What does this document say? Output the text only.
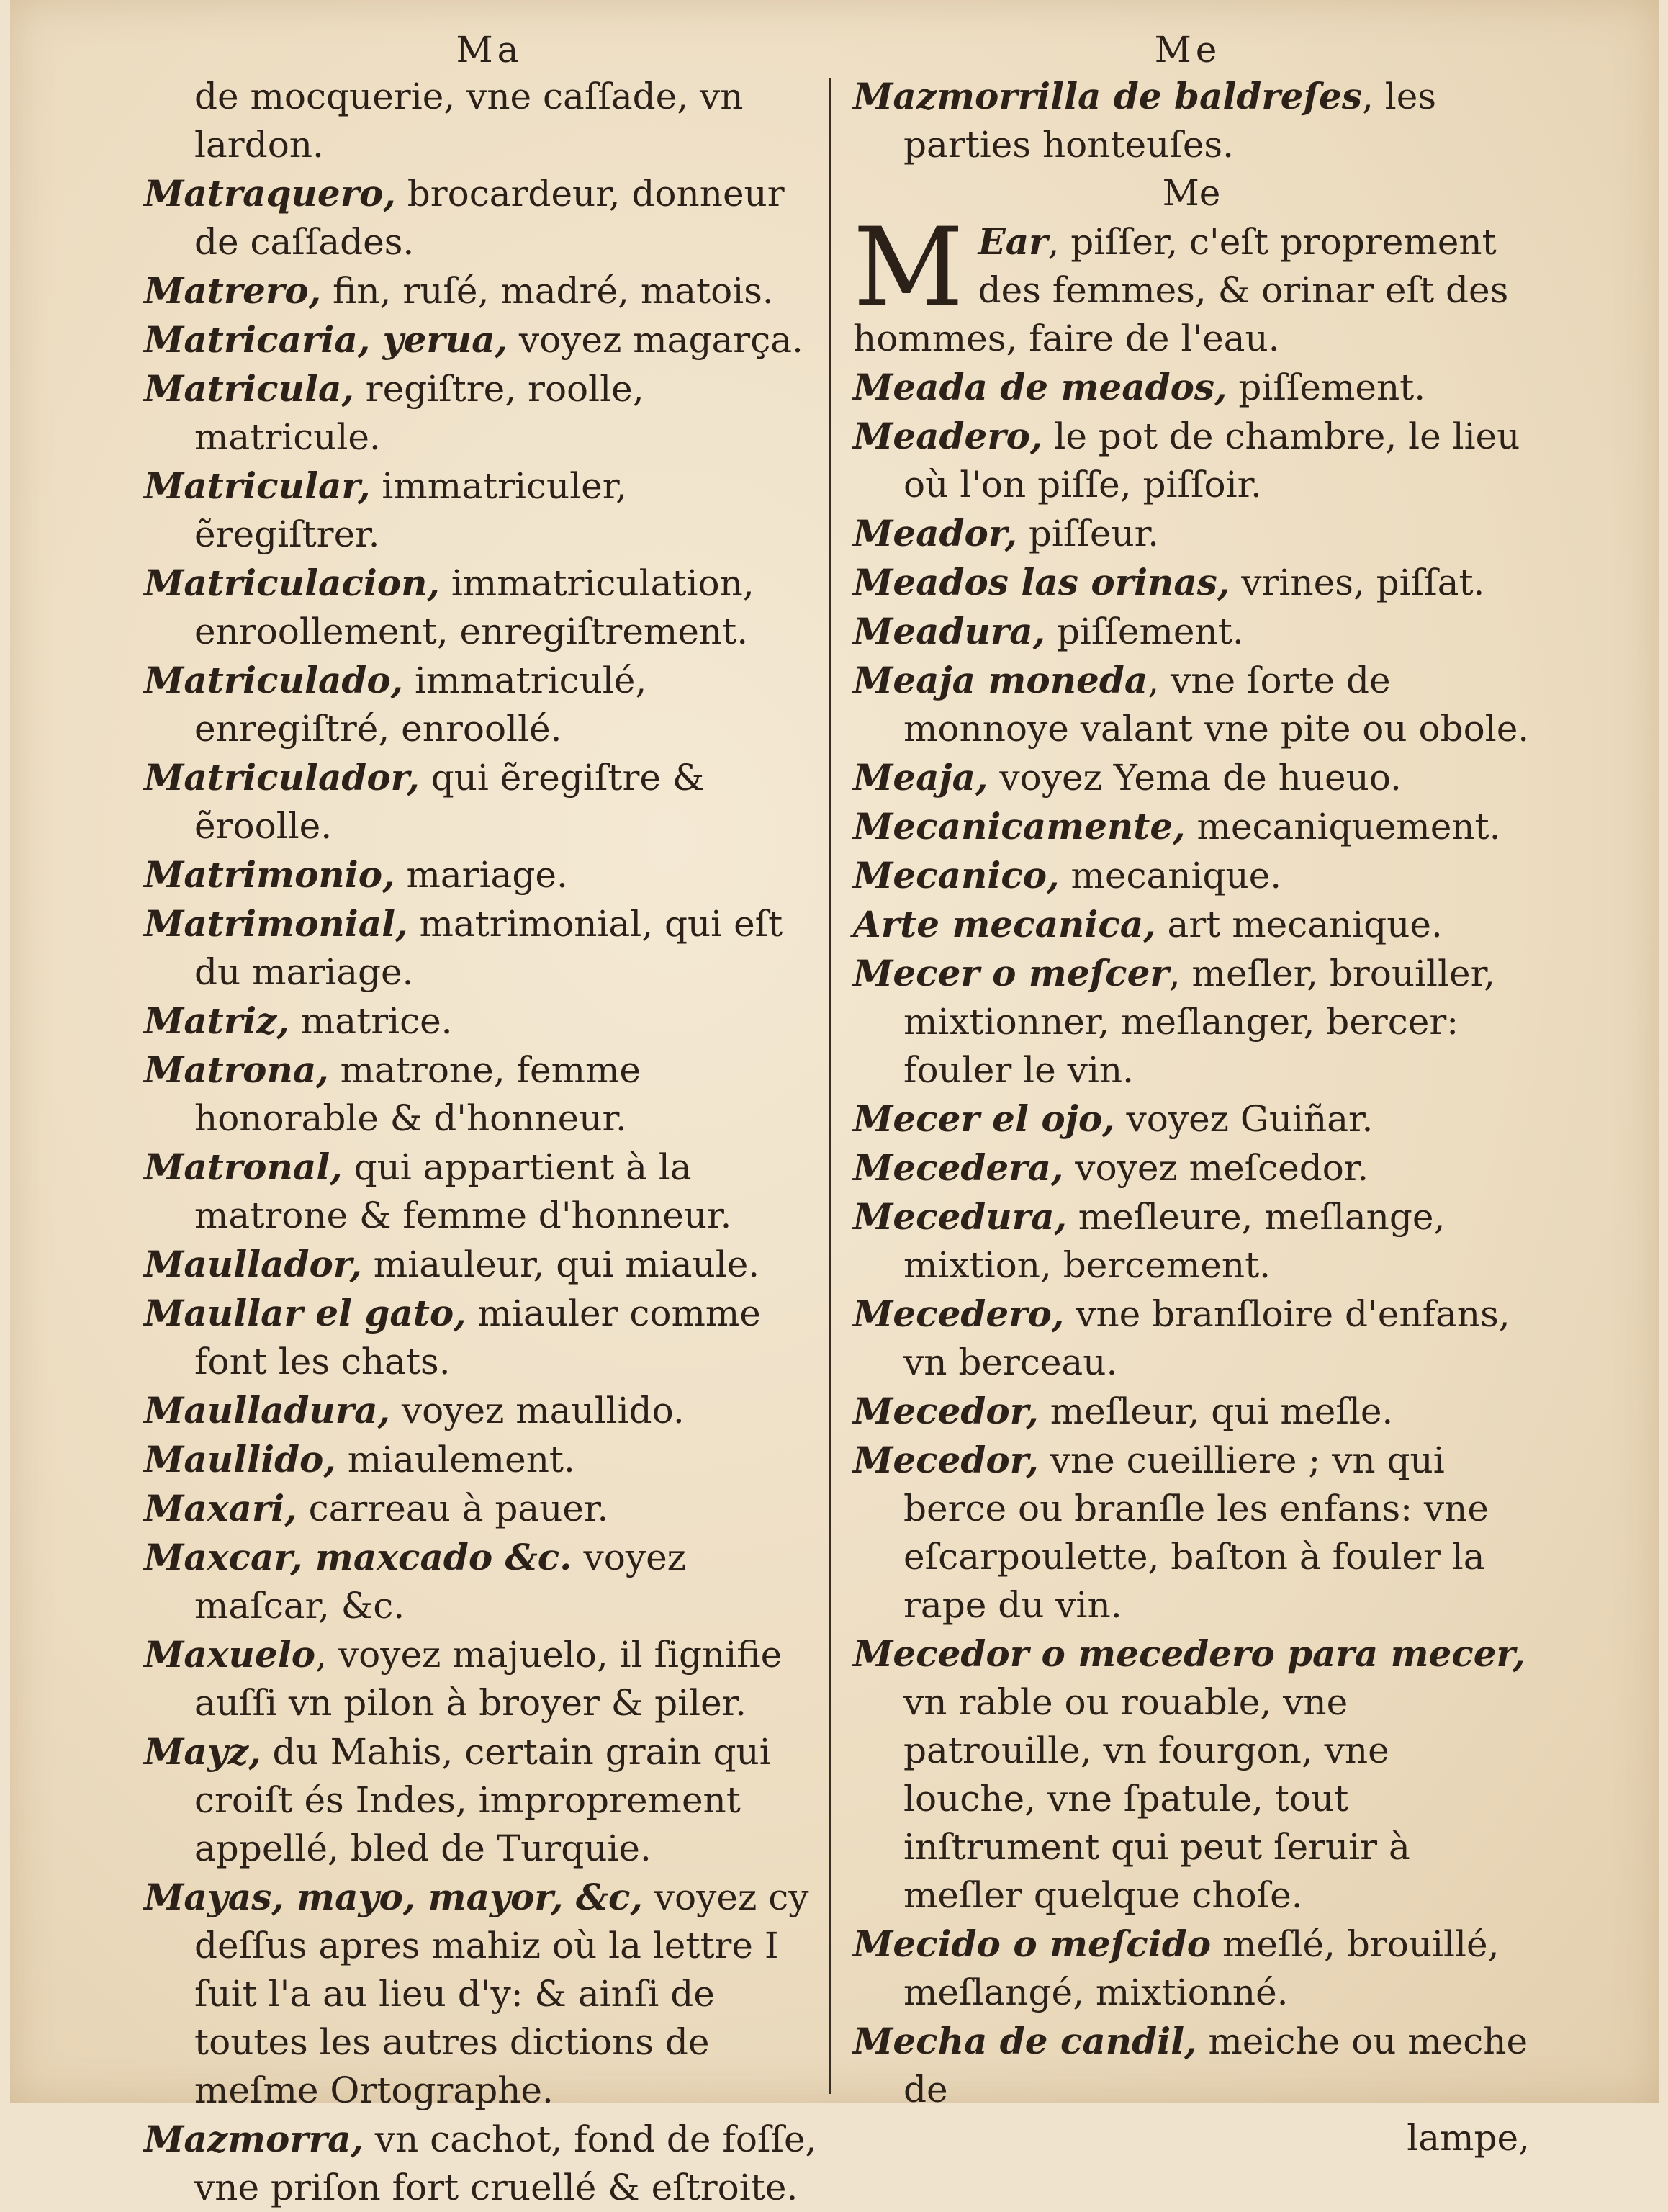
Ma	Me
de mocquerie, vne caſſade, vn lardon.
Matraquero, brocardeur, donneur de caſſades.
Matrero, fin, ruſé, madré, matois.
Matricaria, yerua, voyez magarça.
Matricula, regiſtre, roolle, matricule.
Matricular, immatriculer, ẽregiſtrer.
Matriculacion, immatriculation, enroollement, enregiſtrement.
Matriculado, immatriculé, enregiſtré, enroollé.
Matriculador, qui ẽregiſtre & ẽroolle.
Matrimonio, mariage.
Matrimonial, matrimonial, qui eſt du mariage.
Matriz, matrice.
Matrona, matrone, femme honorable & d'honneur.
Matronal, qui appartient à la matrone & femme d'honneur.
Maullador, miauleur, qui miaule.
Maullar el gato, miauler comme font les chats.
Maulladura, voyez maullido.
Maullido, miaulement.
Maxari, carreau à pauer.
Maxcar, maxcado &c. voyez maſcar, &c.
Maxuelo, voyez majuelo, il ſignifie auſſi vn pilon à broyer & piler.
Mayz, du Mahis, certain grain qui croiſt és Indes, improprement appellé, bled de Turquie.
Mayas, mayo, mayor, &c, voyez cy deſſus apres mahiz où la lettre I ſuit l'a au lieu d'y: & ainſi de toutes les autres dictions de meſme Ortographe.
Mazmorra, vn cachot, fond de foſſe, vne priſon fort cruellé & eſtroite.
Mazmorrilla de baldreſes, les parties honteuſes.
Me
M Ear, piſſer, c'eſt proprement des femmes, & orinar eſt des hommes, faire de l'eau.
Meada de meados, piſſement.
Meadero, le pot de chambre, le lieu où l'on piſſe, piſſoir.
Meador, piſſeur.
Meados las orinas, vrines, piſſat.
Meadura, piſſement.
Meaja moneda, vne ſorte de monnoye valant vne pite ou obole.
Meaja, voyez Yema de hueuo.
Mecanicamente, mecaniquement.
Mecanico, mecanique.
Arte mecanica, art mecanique.
Mecer o meſcer, meſler, brouiller, mixtionner, meſlanger, bercer: fouler le vin.
Mecer el ojo, voyez Guiñar.
Mecedera, voyez meſcedor.
Mecedura, meſleure, meſlange, mixtion, bercement.
Mecedero, vne branſloire d'enfans, vn berceau.
Mecedor, meſleur, qui meſle.
Mecedor, vne cueilliere ; vn qui berce ou branſle les enfans: vne eſcarpoulette, baſton à fouler la rape du vin.
Mecedor o mecedero para mecer, vn rable ou rouable, vne patrouille, vn fourgon, vne louche, vne ſpatule, tout inſtrument qui peut ſeruir à meſler quelque choſe.
Mecido o meſcido meſlé, brouillé, meſlangé, mixtionné.
Mecha de candil, meiche ou meche de
lampe,
